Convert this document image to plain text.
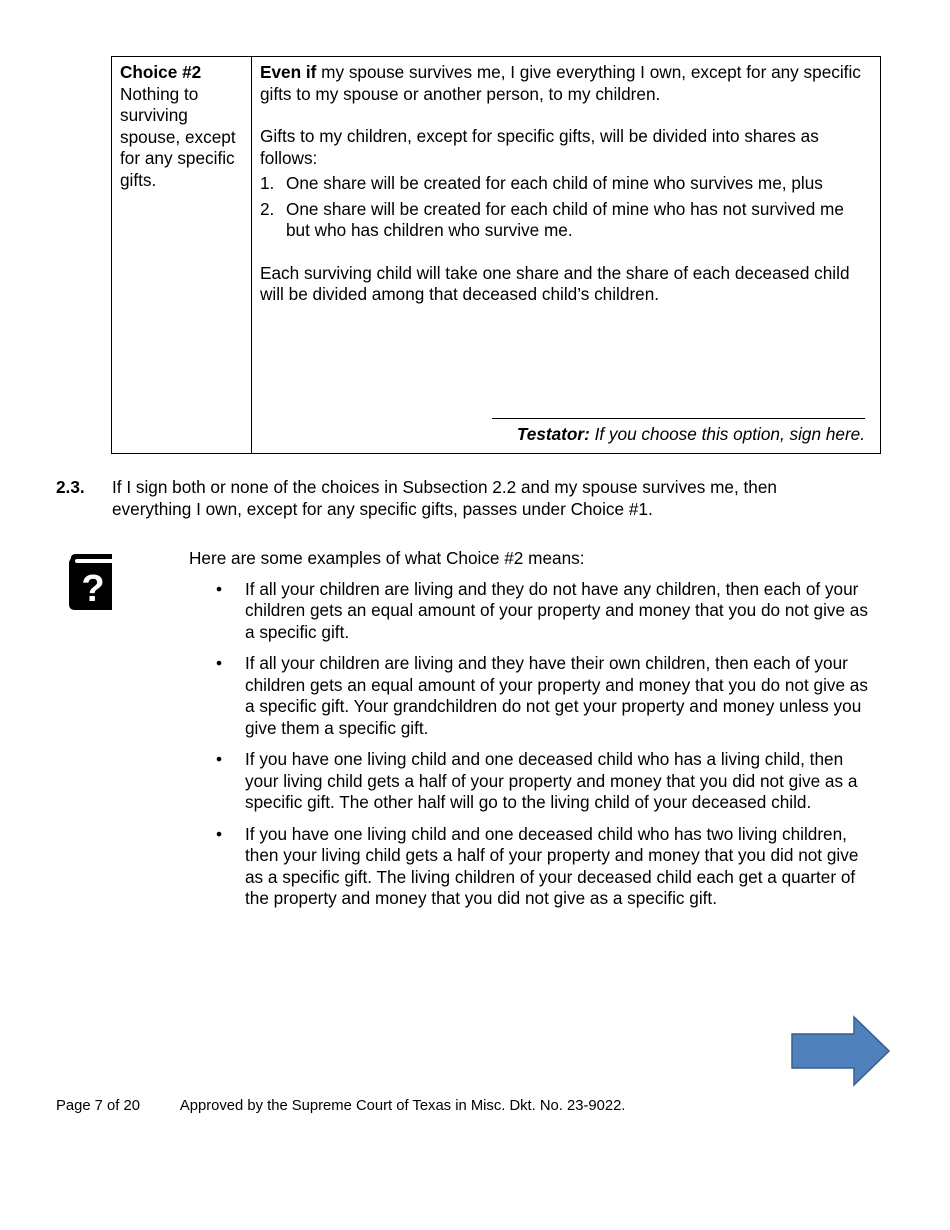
Choice #2
Nothing to surviving spouse, except for any specific gifts.

Even if my spouse survives me, I give everything I own, except for any specific gifts to my spouse or another person, to my children.

Gifts to my children, except for specific gifts, will be divided into shares as follows:

1. One share will be created for each child of mine who survives me, plus
2. One share will be created for each child of mine who has not survived me but who has children who survive me.

Each surviving child will take one share and the share of each deceased child will be divided among that deceased child’s children.

Testator: If you choose this option, sign here.
2.3.	If I sign both or none of the choices in Subsection 2.2 and my spouse survives me, then everything I own, except for any specific gifts, passes under Choice #1.
?

Here are some examples of what Choice #2 means:

•	If all your children are living and they do not have any children, then each of your children gets an equal amount of your property and money that you do not give as a specific gift.
•	If all your children are living and they have their own children, then each of your children gets an equal amount of your property and money that you do not give as a specific gift. Your grandchildren do not get your property and money unless you give them a specific gift.
•	If you have one living child and one deceased child who has a living child, then your living child gets a half of your property and money that you did not give as a specific gift. The other half will go to the living child of your deceased child.
•	If you have one living child and one deceased child who has two living children, then your living child gets a half of your property and money that you did not give as a specific gift. The living children of your deceased child each get a quarter of the property and money that you did not give as a specific gift.
Page 7 of 20	Approved by the Supreme Court of Texas in Misc. Dkt. No. 23-9022.
